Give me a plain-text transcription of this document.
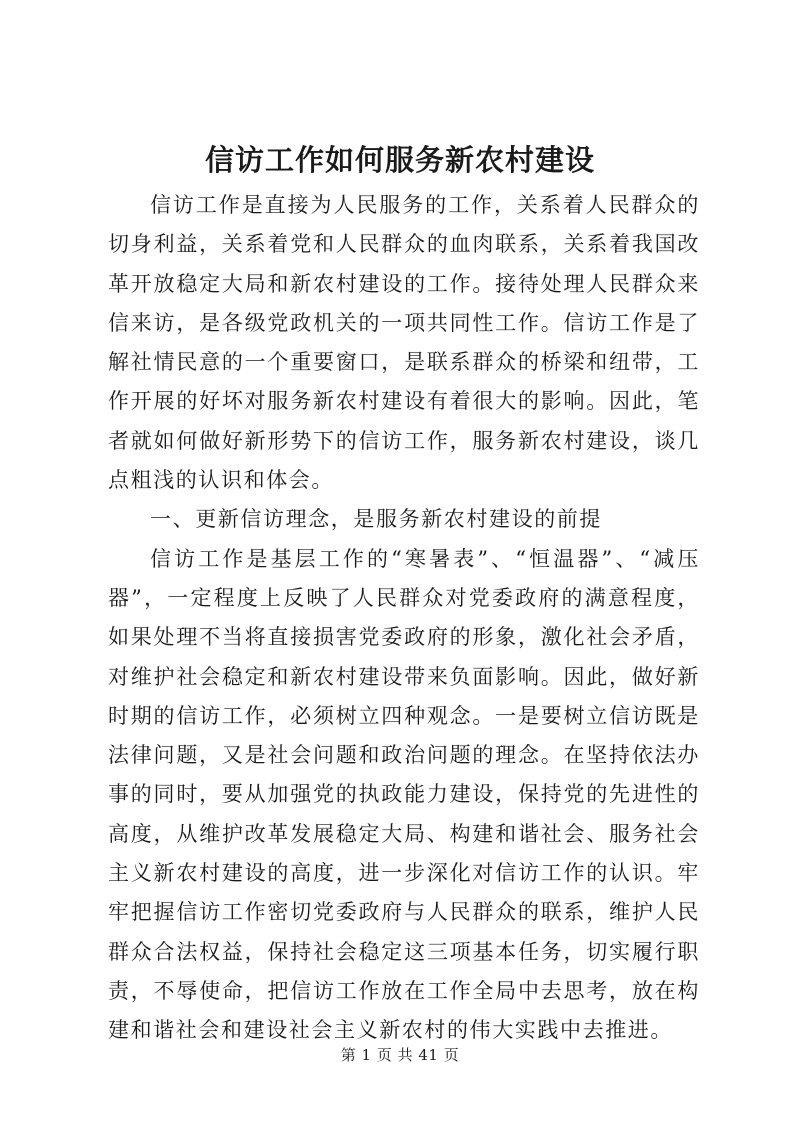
信访工作如何服务新农村建设

信访工作是直接为人民服务的工作，关系着人民群众的切身利益，关系着党和人民群众的血肉联系，关系着我国改革开放稳定大局和新农村建设的工作。接待处理人民群众来信来访，是各级党政机关的一项共同性工作。信访工作是了解社情民意的一个重要窗口，是联系群众的桥梁和纽带，工作开展的好坏对服务新农村建设有着很大的影响。因此，笔者就如何做好新形势下的信访工作，服务新农村建设，谈几点粗浅的认识和体会。

一、更新信访理念，是服务新农村建设的前提

信访工作是基层工作的“寒暑表”、“恒温器”、“减压器”，一定程度上反映了人民群众对党委政府的满意程度，如果处理不当将直接损害党委政府的形象，激化社会矛盾，对维护社会稳定和新农村建设带来负面影响。因此，做好新时期的信访工作，必须树立四种观念。一是要树立信访既是法律问题，又是社会问题和政治问题的理念。在坚持依法办事的同时，要从加强党的执政能力建设，保持党的先进性的高度，从维护改革发展稳定大局、构建和谐社会、服务社会主义新农村建设的高度，进一步深化对信访工作的认识。牢牢把握信访工作密切党委政府与人民群众的联系，维护人民群众合法权益，保持社会稳定这三项基本任务，切实履行职责，不辱使命，把信访工作放在工作全局中去思考，放在构建和谐社会和建设社会主义新农村的伟大实践中去推进。

第 1 页 共 41 页
